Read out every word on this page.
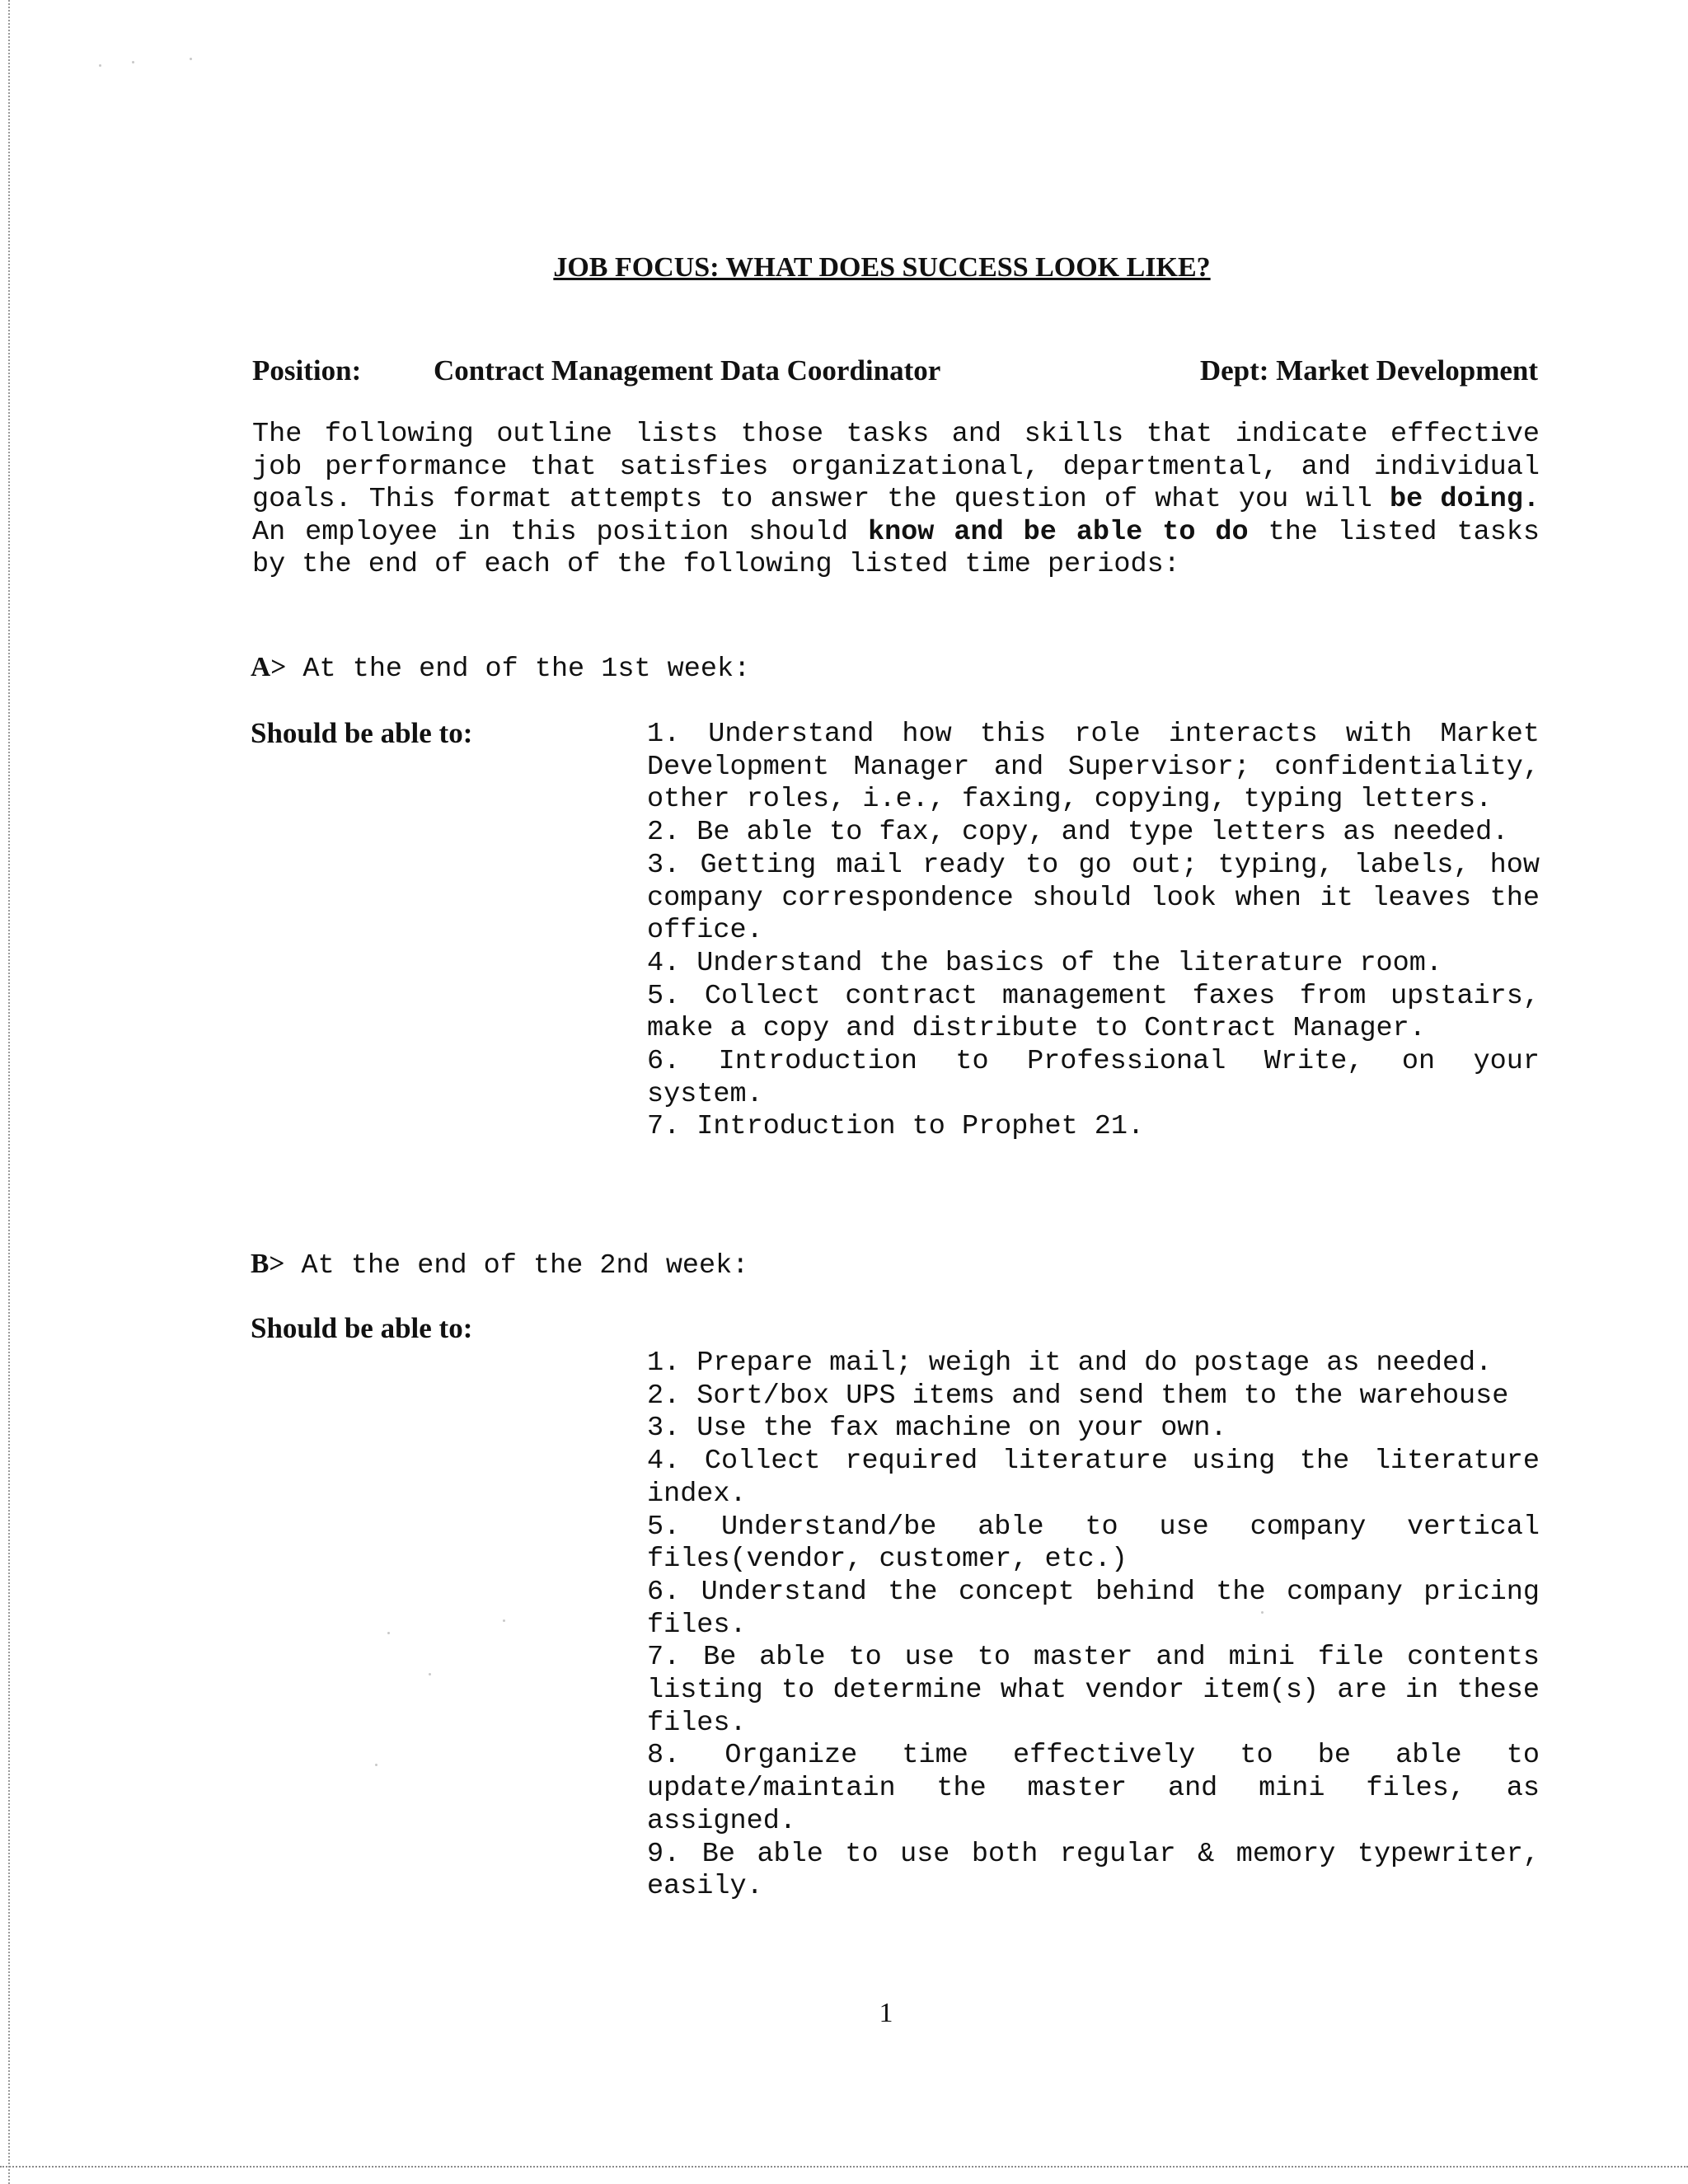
JOB FOCUS: WHAT DOES SUCCESS LOOK LIKE?
Position:	Contract Management Data Coordinator	Dept: Market Development
The following outline lists those tasks and skills that indicate effective job performance that satisfies organizational, departmental, and individual goals. This format attempts to answer the question of what you will be doing. An employee in this position should know and be able to do the listed tasks by the end of each of the following listed time periods:
A> At the end of the 1st week:
Should be able to:	1. Understand how this role interacts with Market Development Manager and Supervisor; confidentiality, other roles, i.e., faxing, copying, typing letters.

2. Be able to fax, copy, and type letters as needed.

3. Getting mail ready to go out; typing, labels, how company correspondence should look when it leaves the office.

4. Understand the basics of the literature room.

5. Collect contract management faxes from upstairs, make a copy and distribute to Contract Manager.

6. Introduction to Professional Write, on your system.

7. Introduction to Prophet 21.

B> At the end of the 2nd week:
Should be able to:

1. Prepare mail; weigh it and do postage as needed.

2. Sort/box UPS items and send them to the warehouse

3. Use the fax machine on your own.

4. Collect required literature using the literature index.

5. Understand/be able to use company vertical files(vendor, customer, etc.)

6. Understand the concept behind the company pricing files.

7. Be able to use to master and mini file contents listing to determine what vendor item(s) are in these files.

8. Organize time effectively to be able to update/maintain the master and mini files, as assigned.

9. Be able to use both regular & memory typewriter, easily.

1
